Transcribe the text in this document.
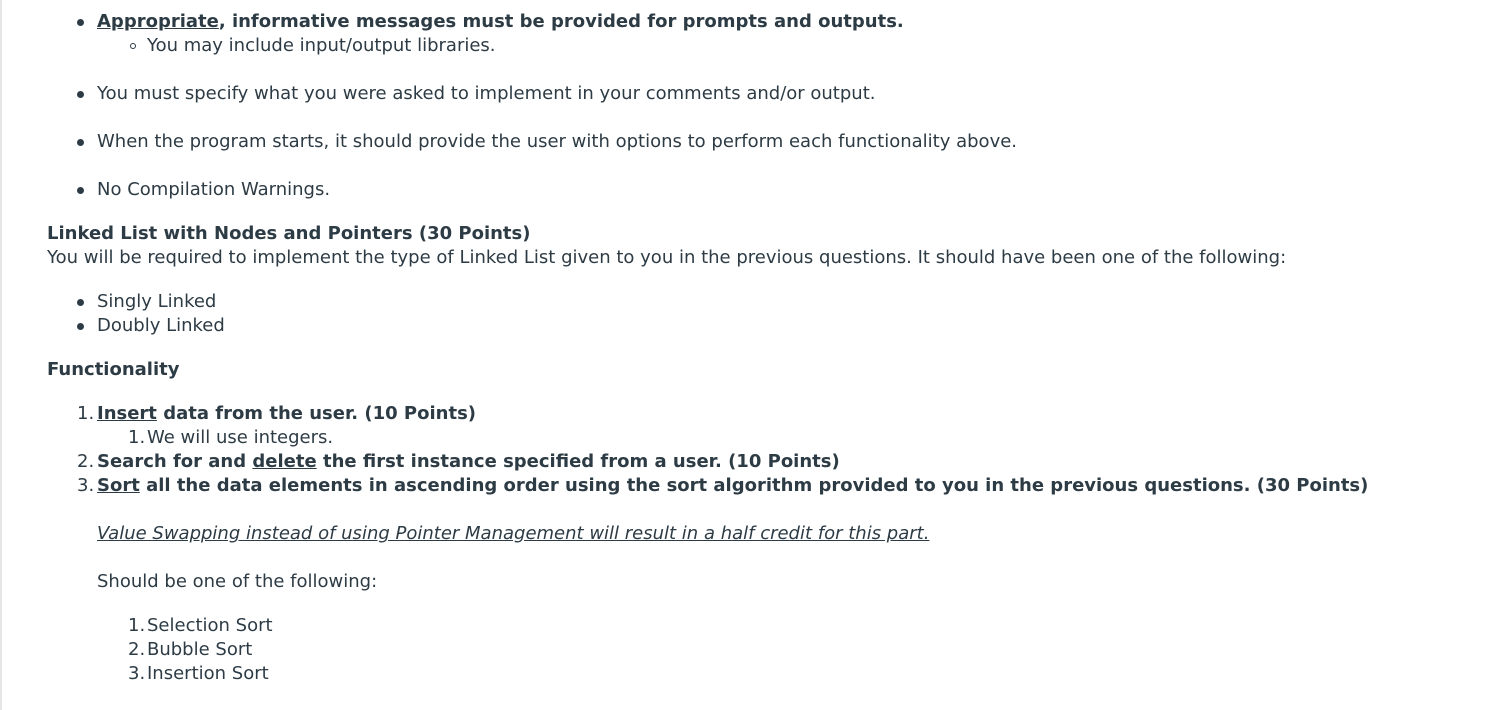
Appropriate, informative messages must be provided for prompts and outputs.
You may include input/output libraries.
You must specify what you were asked to implement in your comments and/or output.
When the program starts, it should provide the user with options to perform each functionality above.
No Compilation Warnings.
Linked List with Nodes and Pointers (30 Points)
You will be required to implement the type of Linked List given to you in the previous questions. It should have been one of the following:
Singly Linked
Doubly Linked
Functionality
1. Insert data from the user. (10 Points)
1. We will use integers.
2. Search for and delete the first instance specified from a user. (10 Points)
3. Sort all the data elements in ascending order using the sort algorithm provided to you in the previous questions. (30 Points)
Value Swapping instead of using Pointer Management will result in a half credit for this part.
Should be one of the following:
1. Selection Sort
2. Bubble Sort
3. Insertion Sort
